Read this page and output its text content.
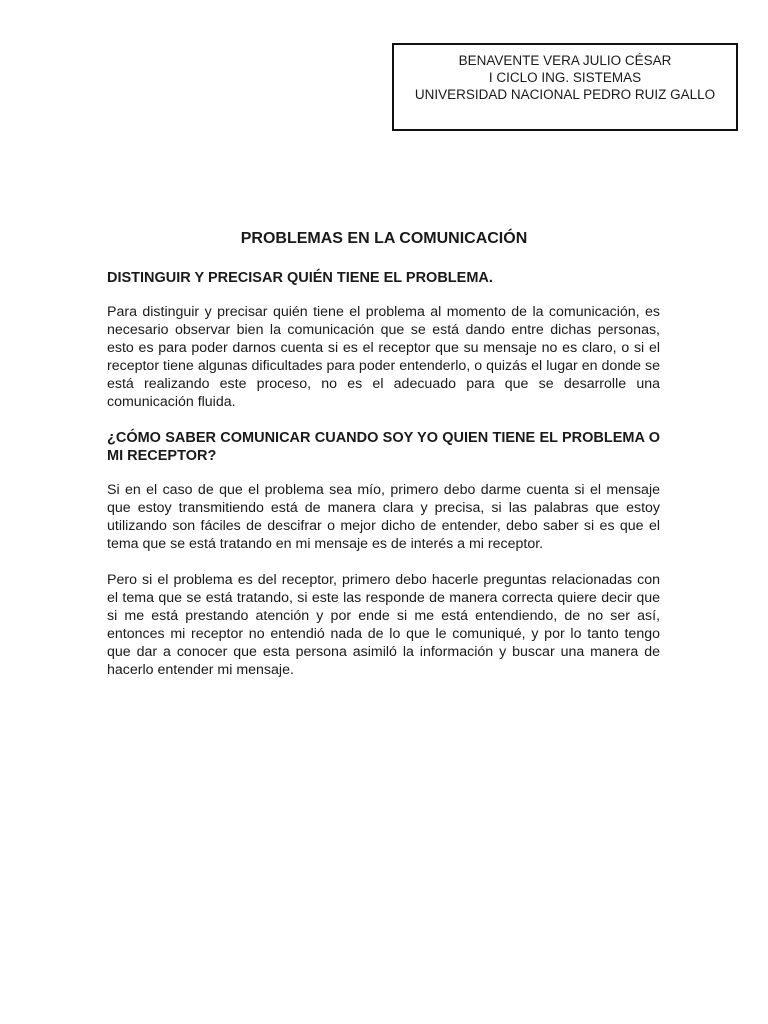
BENAVENTE VERA JULIO CÉSAR
I CICLO ING. SISTEMAS
UNIVERSIDAD NACIONAL PEDRO RUIZ GALLO
PROBLEMAS EN LA COMUNICACIÓN

DISTINGUIR Y PRECISAR QUIÉN TIENE EL PROBLEMA.

Para distinguir y precisar quién tiene el problema al momento de la comunicación, es necesario observar bien la comunicación que se está dando entre dichas personas, esto es para poder darnos cuenta si es el receptor que su mensaje no es claro, o si el receptor tiene algunas dificultades para poder entenderlo, o quizás el lugar en donde se está realizando este proceso, no es el adecuado para que se desarrolle una comunicación fluida.

¿CÓMO SABER COMUNICAR CUANDO SOY YO QUIEN TIENE EL PROBLEMA O MI RECEPTOR?

Si en el caso de que el problema sea mío, primero debo darme cuenta si el mensaje que estoy transmitiendo está de manera clara y precisa, si las palabras que estoy utilizando son fáciles de descifrar o mejor dicho de entender, debo saber si es que el tema que se está tratando en mi mensaje es de interés a mi receptor.

Pero si el problema es del receptor, primero debo hacerle preguntas relacionadas con el tema que se está tratando, si este las responde de manera correcta quiere decir que si me está prestando atención y por ende si me está entendiendo, de no ser así, entonces mi receptor no entendió nada de lo que le comuniqué, y por lo tanto tengo que dar a conocer que esta persona asimiló la información y buscar una manera de hacerlo entender mi mensaje.
